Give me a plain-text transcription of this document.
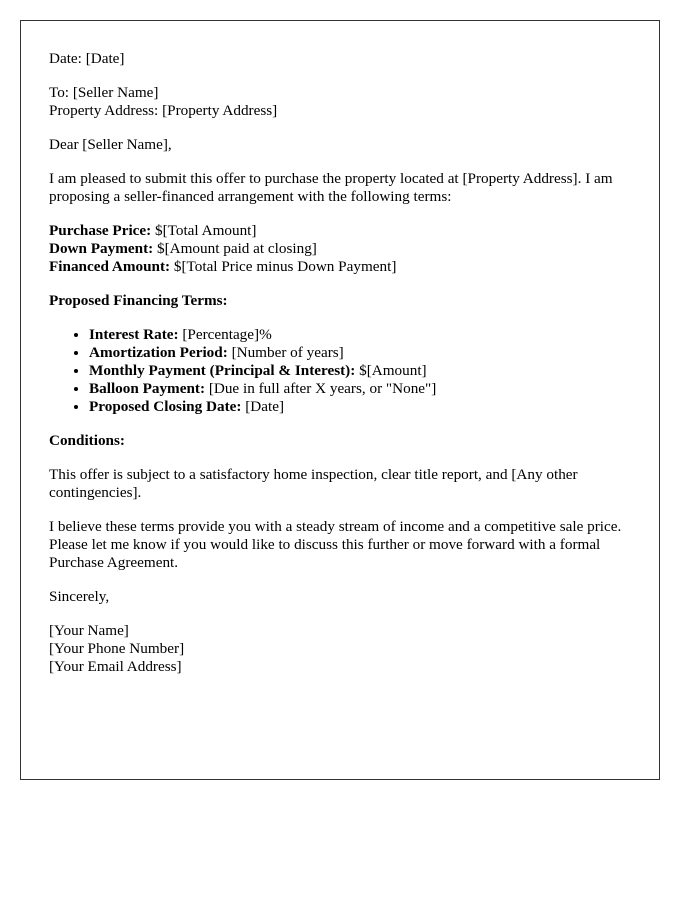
Date: [Date]

To: [Seller Name]
Property Address: [Property Address]

Dear [Seller Name],

I am pleased to submit this offer to purchase the property located at [Property Address]. I am proposing a seller-financed arrangement with the following terms:

Purchase Price: $[Total Amount]
Down Payment: $[Amount paid at closing]
Financed Amount: $[Total Price minus Down Payment]

Proposed Financing Terms:

• Interest Rate: [Percentage]%
• Amortization Period: [Number of years]
• Monthly Payment (Principal & Interest): $[Amount]
• Balloon Payment: [Due in full after X years, or "None"]
• Proposed Closing Date: [Date]

Conditions:

This offer is subject to a satisfactory home inspection, clear title report, and [Any other contingencies].

I believe these terms provide you with a steady stream of income and a competitive sale price. Please let me know if you would like to discuss this further or move forward with a formal Purchase Agreement.

Sincerely,

[Your Name]
[Your Phone Number]
[Your Email Address]
